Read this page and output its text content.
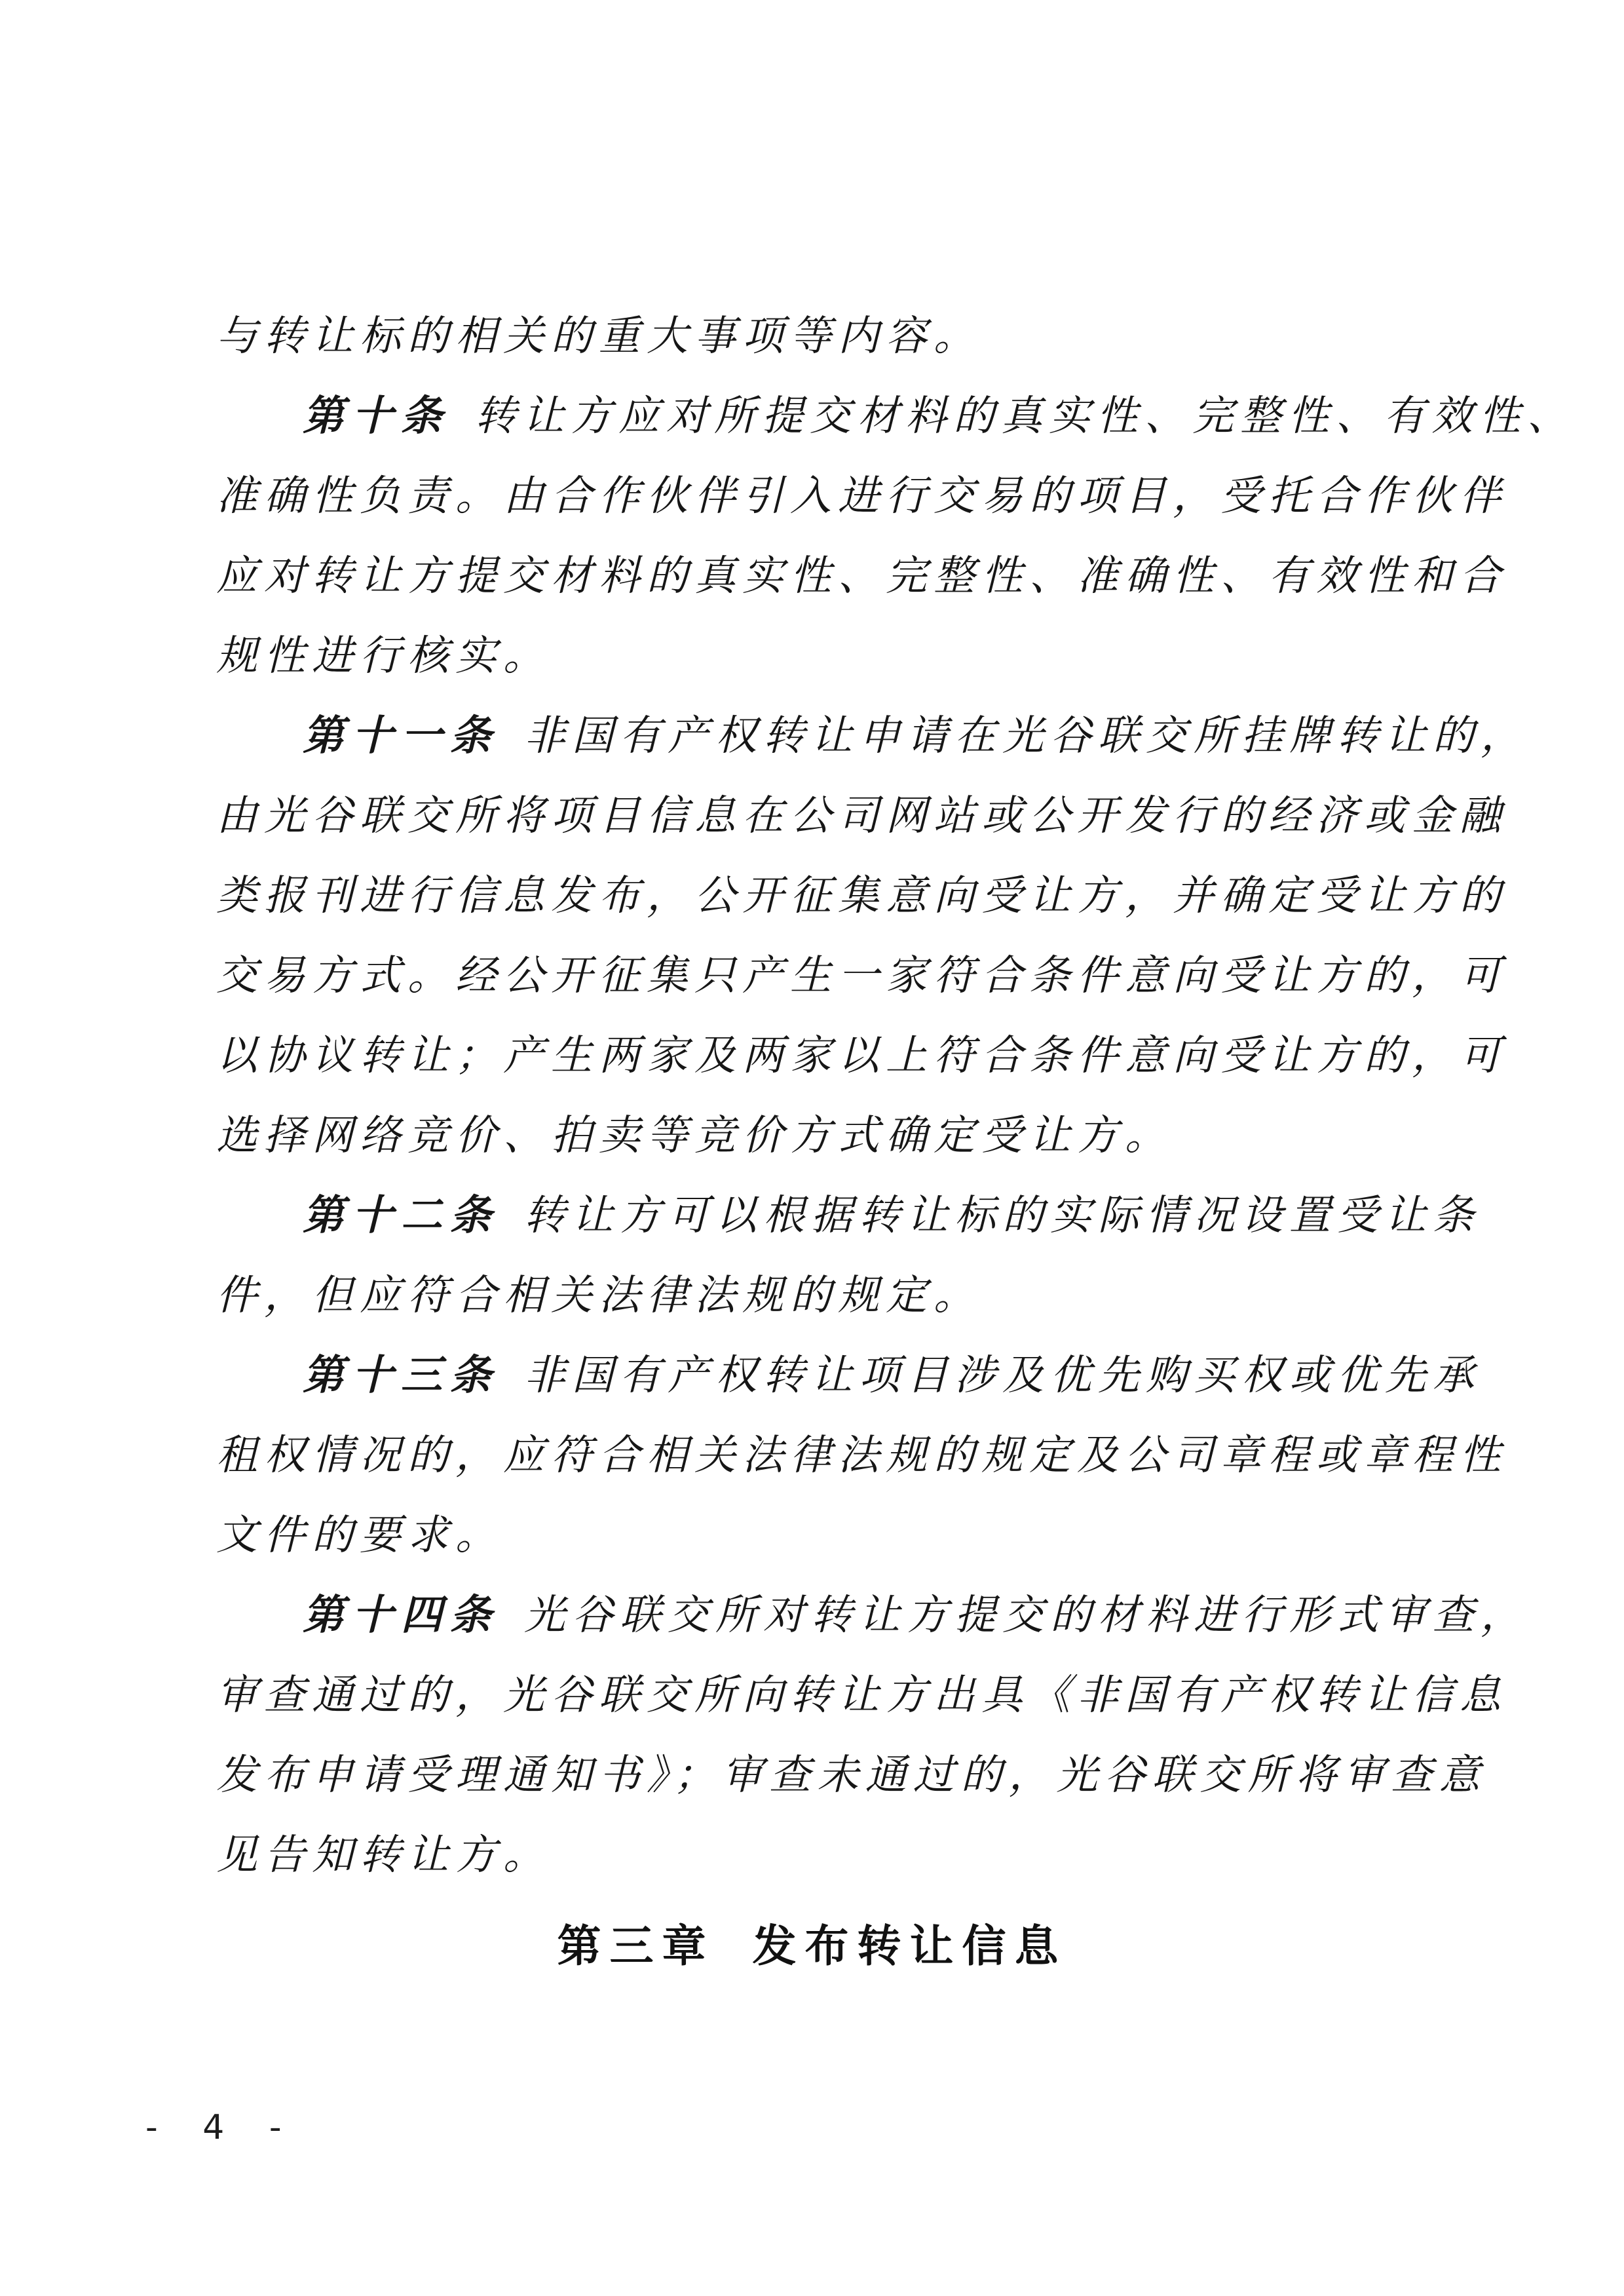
与转让标的相关的重大事项等内容。
第十条 转让方应对所提交材料的真实性、完整性、有效性、
准确性负责。由合作伙伴引入进行交易的项目，受托合作伙伴
应对转让方提交材料的真实性、完整性、准确性、有效性和合
规性进行核实。
第十一条 非国有产权转让申请在光谷联交所挂牌转让的，
由光谷联交所将项目信息在公司网站或公开发行的经济或金融
类报刊进行信息发布，公开征集意向受让方，并确定受让方的
交易方式。经公开征集只产生一家符合条件意向受让方的，可
以协议转让；产生两家及两家以上符合条件意向受让方的，可
选择网络竞价、拍卖等竞价方式确定受让方。
第十二条 转让方可以根据转让标的实际情况设置受让条
件，但应符合相关法律法规的规定。
第十三条 非国有产权转让项目涉及优先购买权或优先承
租权情况的，应符合相关法律法规的规定及公司章程或章程性
文件的要求。
第十四条 光谷联交所对转让方提交的材料进行形式审查，
审查通过的，光谷联交所向转让方出具《非国有产权转让信息
发布申请受理通知书》；审查未通过的，光谷联交所将审查意
见告知转让方。
第三章 发布转让信息
- 4 -
